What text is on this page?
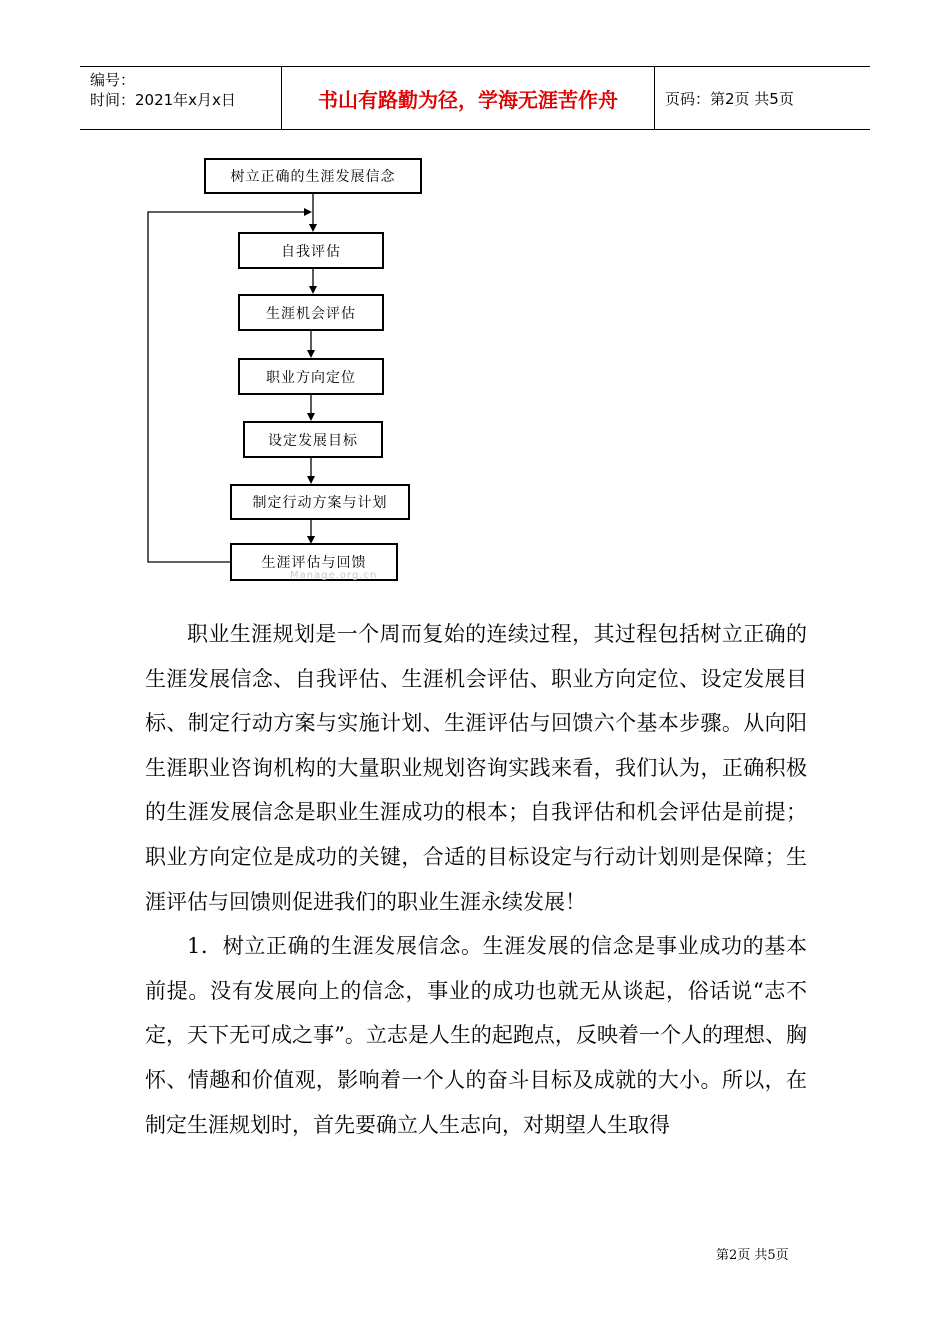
编号：
时间：2021年x月x日	书山有路勤为径，学海无涯苦作舟	页码：第2页 共5页
树立正确的生涯发展信念
自我评估
生涯机会评估
职业方向定位
设定发展目标
制定行动方案与计划
生涯评估与回馈
Manage.org.cn

职业生涯规划是一个周而复始的连续过程，其过程包括树立正确的生涯发展信念、自我评估、生涯机会评估、职业方向定位、设定发展目标、制定行动方案与实施计划、生涯评估与回馈六个基本步骤。从向阳生涯职业咨询机构的大量职业规划咨询实践来看，我们认为，正确积极的生涯发展信念是职业生涯成功的根本；自我评估和机会评估是前提；职业方向定位是成功的关键，合适的目标设定与行动计划则是保障；生涯评估与回馈则促进我们的职业生涯永续发展！

1．树立正确的生涯发展信念。生涯发展的信念是事业成功的基本前提。没有发展向上的信念，事业的成功也就无从谈起，俗话说“志不定，天下无可成之事”。立志是人生的起跑点，反映着一个人的理想、胸怀、情趣和价值观，影响着一个人的奋斗目标及成就的大小。所以，在制定生涯规划时，首先要确立人生志向，对期望人生取得

第2页 共5页
